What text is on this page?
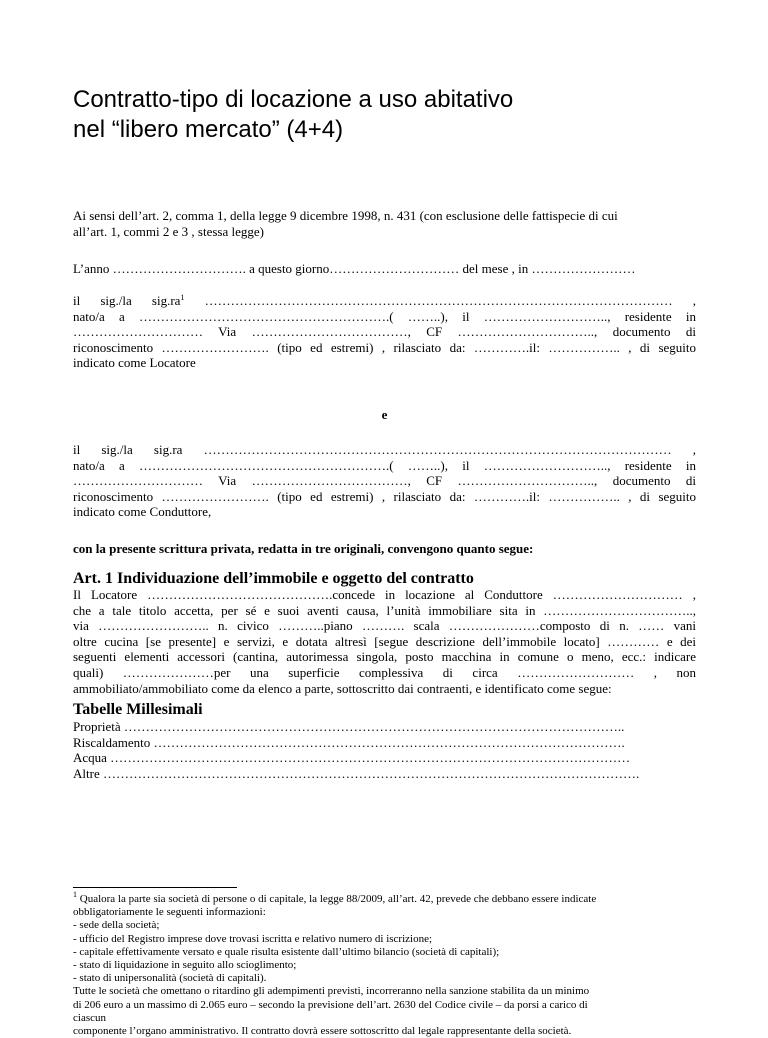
Contratto-tipo di locazione a uso abitativo
nel “libero mercato” (4+4)
Ai sensi dell’art. 2, comma 1, della legge 9 dicembre 1998, n. 431 (con esclusione delle fattispecie di cui
all’art. 1, commi 2 e 3 , stessa legge)
L’anno …………………………. a questo giorno………………………… del mese , in ……………………
il sig./la $sig.ra^1$ ……………………………………………………………………………………………… ,
nato/a a ………………………………………………….( ……..), il ……………………….., residente in
………………………… Via ………………………………, CF ………………………….., documento di
riconoscimento ……………………. (tipo ed estremi) , rilasciato da: ………….il: …………….. , di seguito
indicato come Locatore
e
il sig./la sig.ra ……………………………………………………………………………………………… ,
nato/a a ………………………………………………….( ……..), il ……………………….., residente in
………………………… Via ………………………………, CF ………………………….., documento di
riconoscimento ……………………. (tipo ed estremi) , rilasciato da: ………….il: …………….. , di seguito
indicato come Conduttore,
con la presente scrittura privata, redatta in tre originali, convengono quanto segue:
Art. 1 Individuazione dell’immobile e oggetto del contratto
Il Locatore …………………………………….concede in locazione al Conduttore ………………………… ,
che a tale titolo accetta, per sé e suoi aventi causa, l’unità immobiliare sita in ……………………………..,
via …………………….. n. civico ………..piano ………. scala …………………composto di n. …… vani
oltre cucina [se presente] e servizi, e dotata altresì [segue descrizione dell’immobile locato] ………… e dei
seguenti elementi accessori (cantina, autorimessa singola, posto macchina in comune o meno, ecc.: indicare
quali) …………………per una superficie complessiva di circa ……………………… , non
ammobiliato/ammobiliato come da elenco a parte, sottoscritto dai contraenti, e identificato come segue:
Tabelle Millesimali
Proprietà ……………………………………………………………………………………………………..
Riscaldamento ……………………………………………………………………………………………….
Acqua …………………………………………………………………………………………………………
Altre …………………………………………………………………………………………………………….
$^1$ Qualora la parte sia società di persone o di capitale, la legge 88/2009, all’art. 42, prevede che debbano essere indicate
obbligatoriamente le seguenti informazioni:
- sede della società;
- ufficio del Registro imprese dove trovasi iscritta e relativo numero di iscrizione;
- capitale effettivamente versato e quale risulta esistente dall’ultimo bilancio (società di capitali);
- stato di liquidazione in seguito allo scioglimento;
- stato di unipersonalità (società di capitali).
Tutte le società che omettano o ritardino gli adempimenti previsti, incorreranno nella sanzione stabilita da un minimo
di 206 euro a un massimo di 2.065 euro – secondo la previsione dell’art. 2630 del Codice civile – da porsi a carico di
ciascun
componente l’organo amministrativo. Il contratto dovrà essere sottoscritto dal legale rappresentante della società.
